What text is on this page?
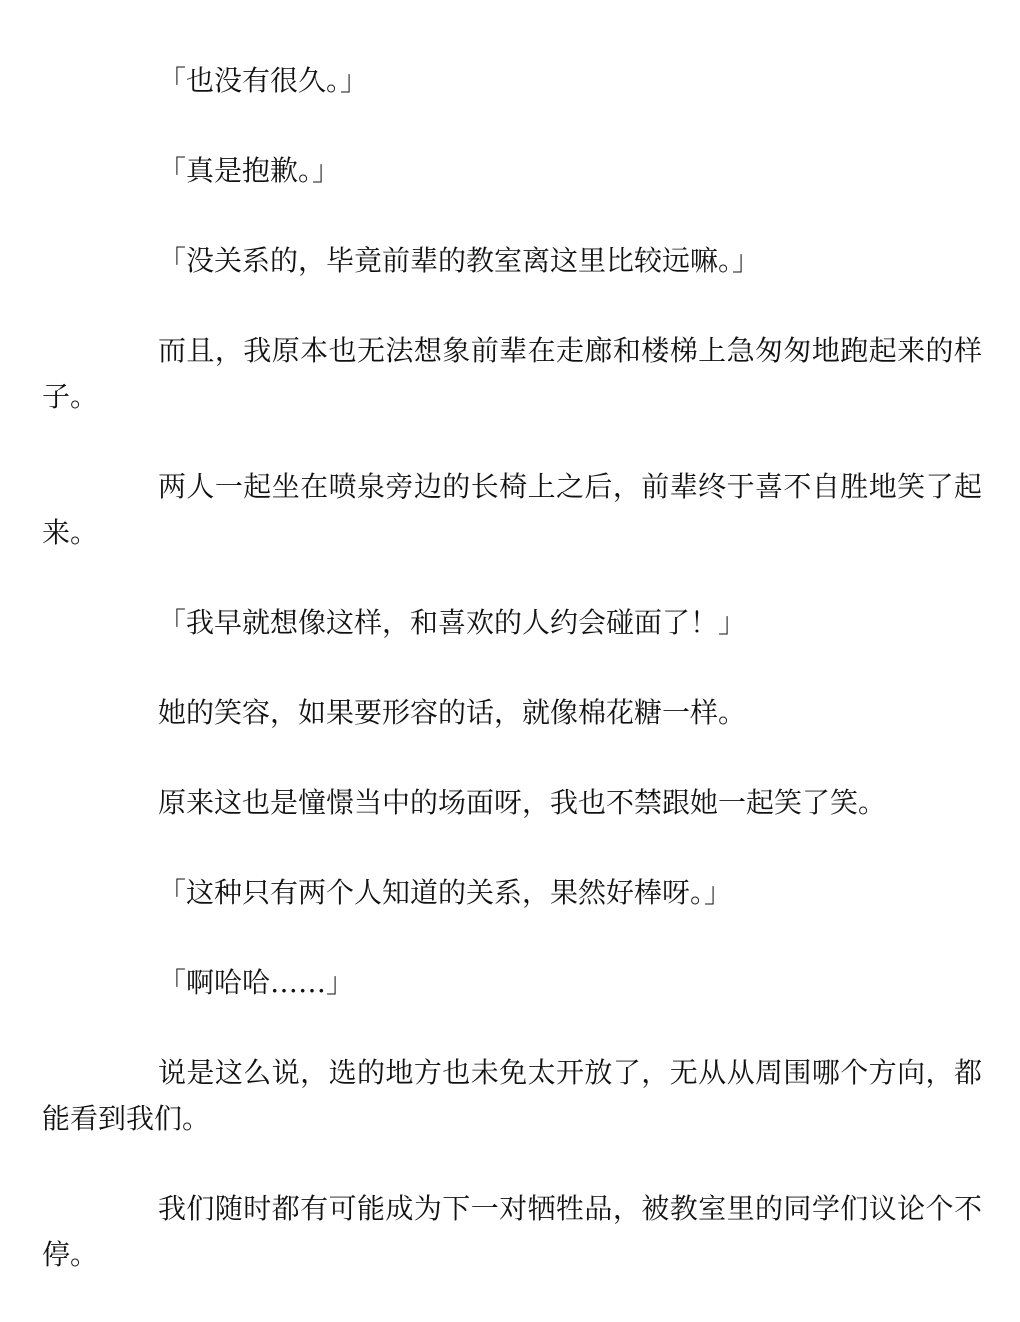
「也没有很久。」

「真是抱歉。」

「没关系的，毕竟前辈的教室离这里比较远嘛。」

而且，我原本也无法想象前辈在走廊和楼梯上急匆匆地跑起来的样子。

两人一起坐在喷泉旁边的长椅上之后，前辈终于喜不自胜地笑了起来。

「我早就想像这样，和喜欢的人约会碰面了！」

她的笑容，如果要形容的话，就像棉花糖一样。

原来这也是憧憬当中的场面呀，我也不禁跟她一起笑了笑。

「这种只有两个人知道的关系，果然好棒呀。」

「啊哈哈……」

说是这么说，选的地方也未免太开放了，无从从周围哪个方向，都能看到我们。

我们随时都有可能成为下一对牺牲品，被教室里的同学们议论个不停。
